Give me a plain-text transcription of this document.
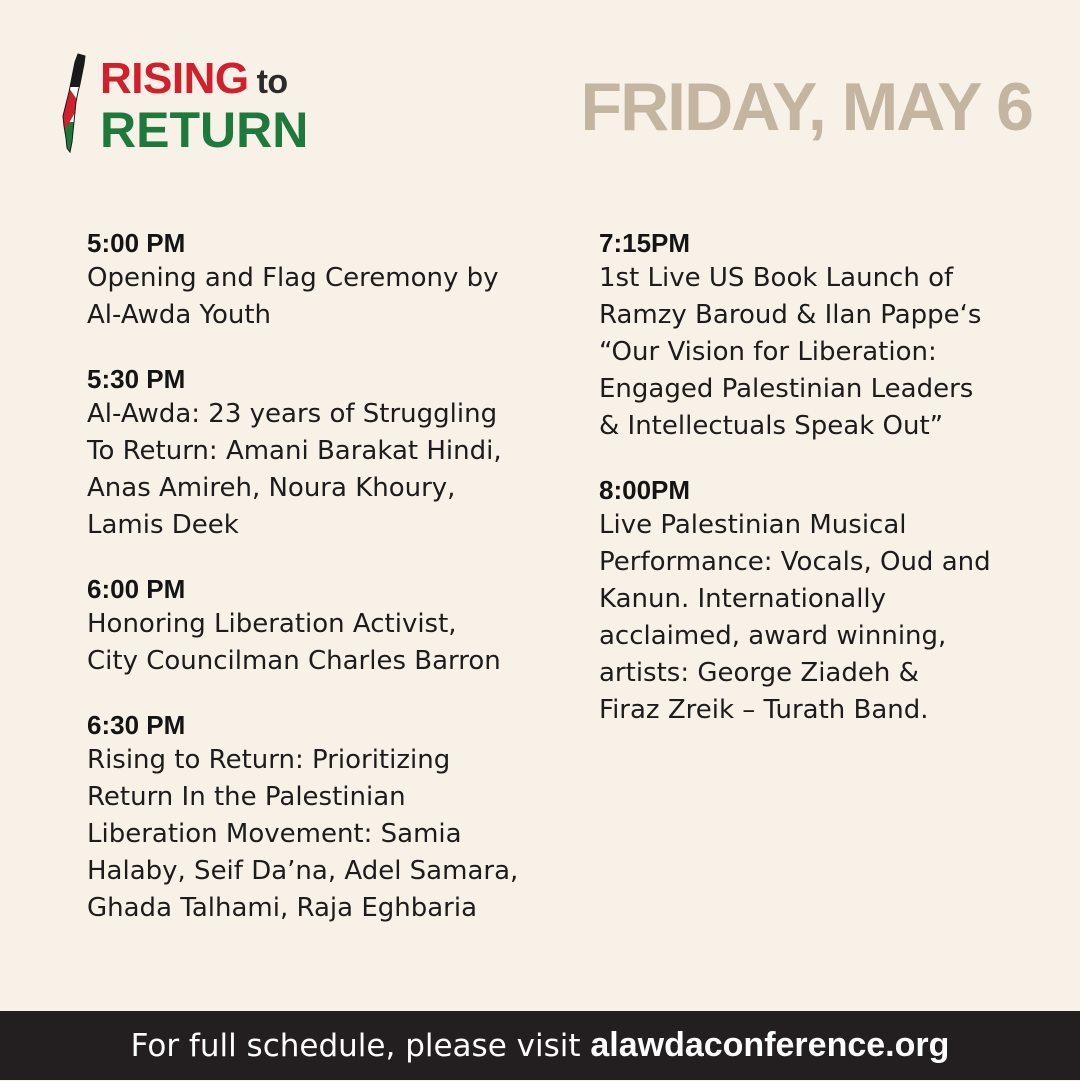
RISING to
RETURN	FRIDAY, MAY 6
5:00 PM
Opening and Flag Ceremony by
Al-Awda Youth
5:30 PM
Al-Awda: 23 years of Struggling
To Return: Amani Barakat Hindi,
Anas Amireh, Noura Khoury,
Lamis Deek
6:00 PM
Honoring Liberation Activist,
City Councilman Charles Barron
6:30 PM
Rising to Return: Prioritizing
Return In the Palestinian
Liberation Movement: Samia
Halaby, Seif Da’na, Adel Samara,
Ghada Talhami, Raja Eghbaria
7:15PM
1st Live US Book Launch of
Ramzy Baroud & Ilan Pappe‘s
“Our Vision for Liberation:
Engaged Palestinian Leaders
& Intellectuals Speak Out”
8:00PM
Live Palestinian Musical
Performance: Vocals, Oud and
Kanun. Internationally
acclaimed, award winning,
artists: George Ziadeh &
Firaz Zreik – Turath Band.
For full schedule, please visit alawdaconference.org
